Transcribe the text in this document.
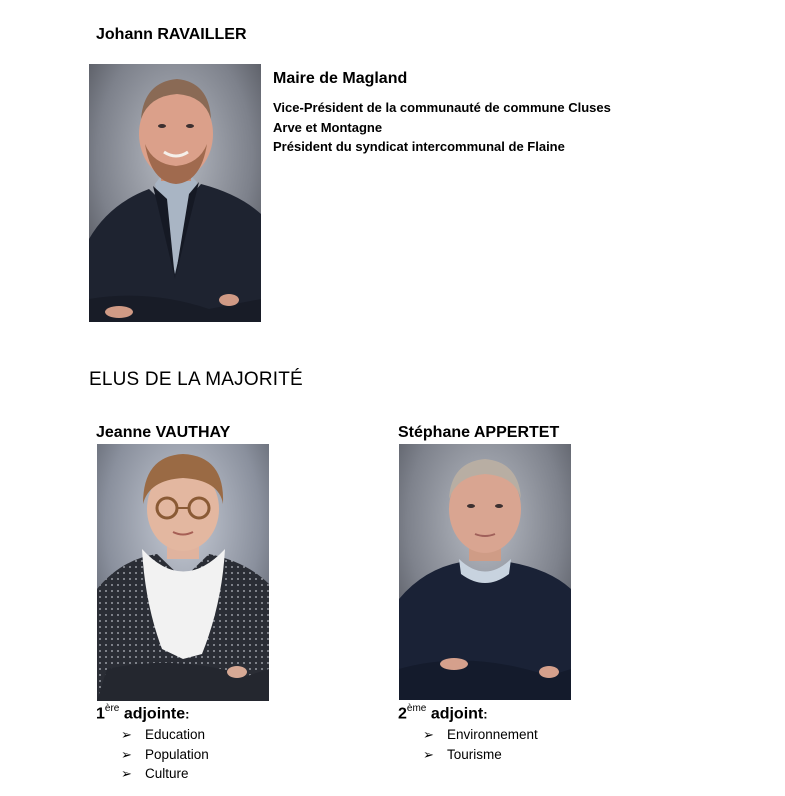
Johann RAVAILLER
Maire de Magland
Vice-Président de la communauté de commune Cluses
Arve et Montagne
Président du syndicat intercommunal de Flaine
ELUS DE LA MAJORITÉ
Jeanne VAUTHAY
1ère adjointe:
➢ Education
➢ Population
➢ Culture
Stéphane APPERTET
2ème adjoint:
➢ Environnement
➢ Tourisme
